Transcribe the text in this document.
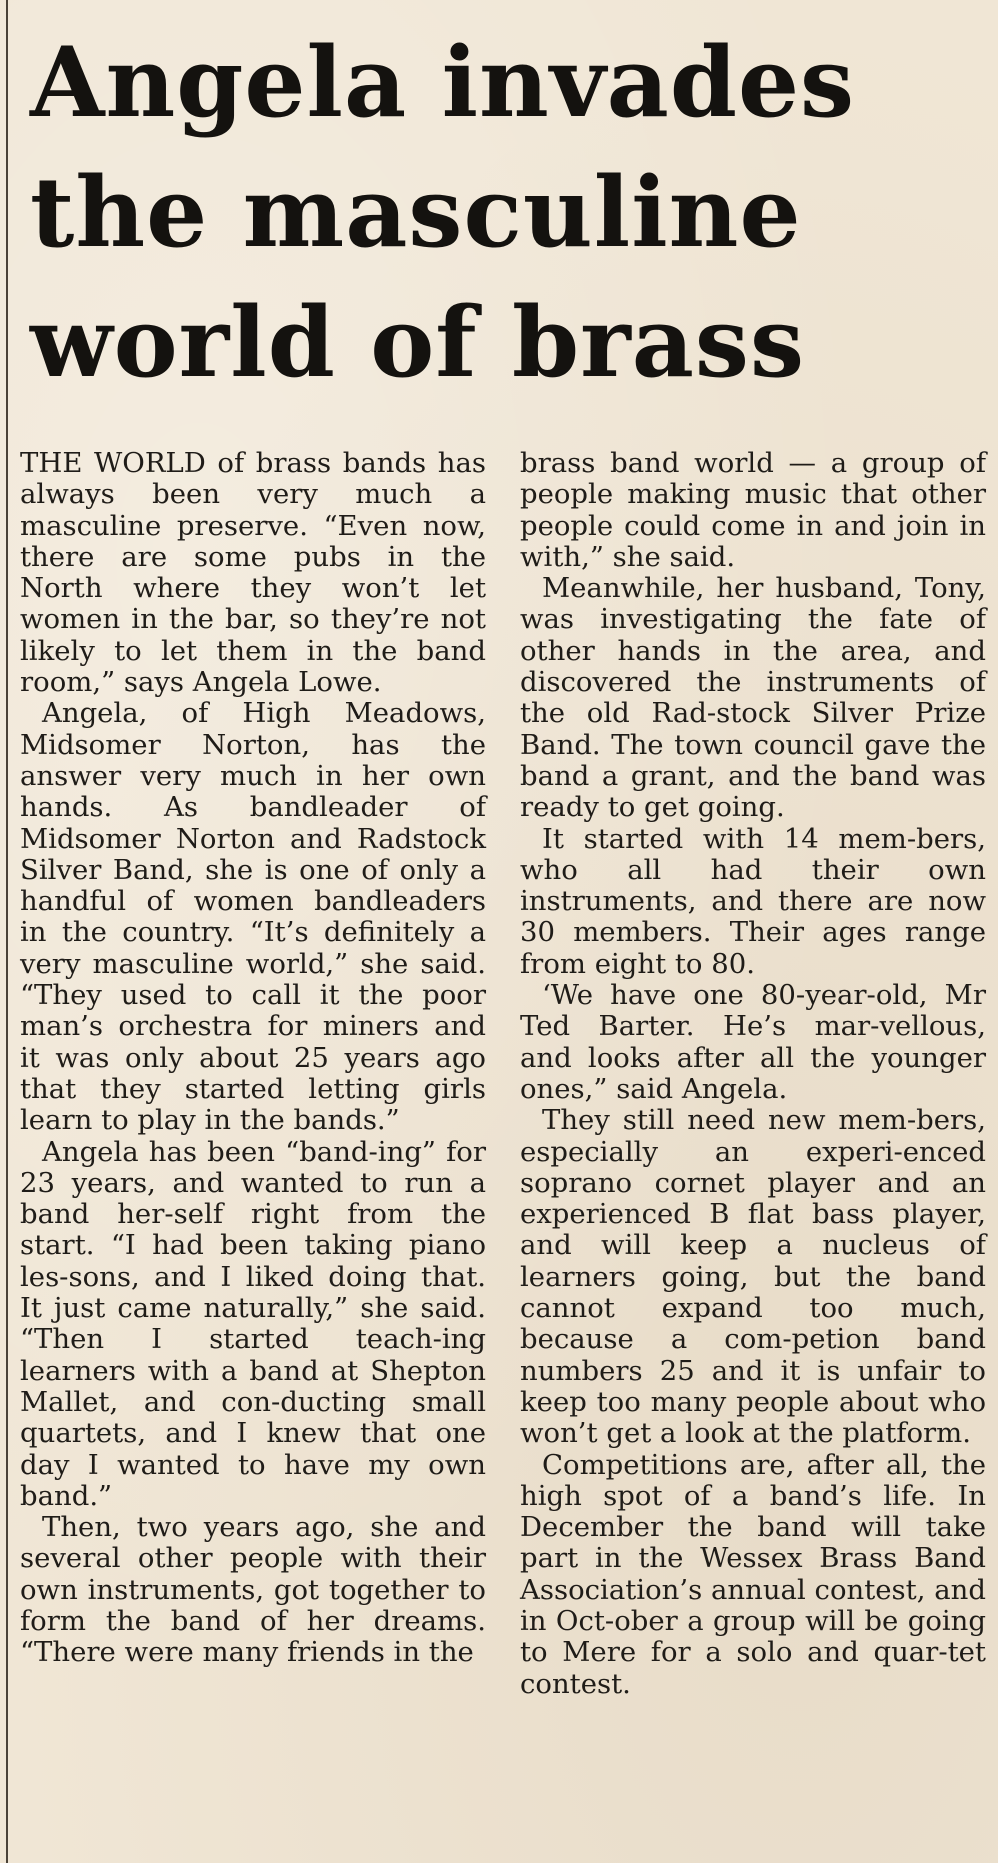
Angela invades
the masculine
world of brass

THE WORLD of brass bands has always been very much a masculine preserve. “Even now, there are some pubs in the North where they won’t let women in the bar, so they’re not likely to let them in the band room,” says Angela Lowe.

Angela, of High Meadows, Midsomer Norton, has the answer very much in her own hands. As bandleader of Midsomer Norton and Radstock Silver Band, she is one of only a handful of women bandleaders in the country. “It’s definitely a very masculine world,” she said. “They used to call it the poor man’s orchestra for miners and it was only about 25 years ago that they started letting girls learn to play in the bands.”

Angela has been “band-ing” for 23 years, and wanted to run a band her-self right from the start. “I had been taking piano les-sons, and I liked doing that. It just came naturally,” she said. “Then I started teach-ing learners with a band at Shepton Mallet, and con-ducting small quartets, and I knew that one day I wanted to have my own band.”

Then, two years ago, she and several other people with their own instruments, got together to form the band of her dreams. “There were many friends in the

brass band world — a group of people making music that other people could come in and join in with,” she said.

Meanwhile, her husband, Tony, was investigating the fate of other hands in the area, and discovered the instruments of the old Rad-stock Silver Prize Band. The town council gave the band a grant, and the band was ready to get going.

It started with 14 mem-bers, who all had their own instruments, and there are now 30 members. Their ages range from eight to 80.

‘We have one 80-year-old, Mr Ted Barter. He’s mar-vellous, and looks after all the younger ones,” said Angela.

They still need new mem-bers, especially an experi-enced soprano cornet player and an experienced B flat bass player, and will keep a nucleus of learners going, but the band cannot expand too much, because a com-petion band numbers 25 and it is unfair to keep too many people about who won’t get a look at the platform.

Competitions are, after all, the high spot of a band’s life. In December the band will take part in the Wessex Brass Band Association’s annual contest, and in Oct-ober a group will be going to Mere for a solo and quar-tet contest.
